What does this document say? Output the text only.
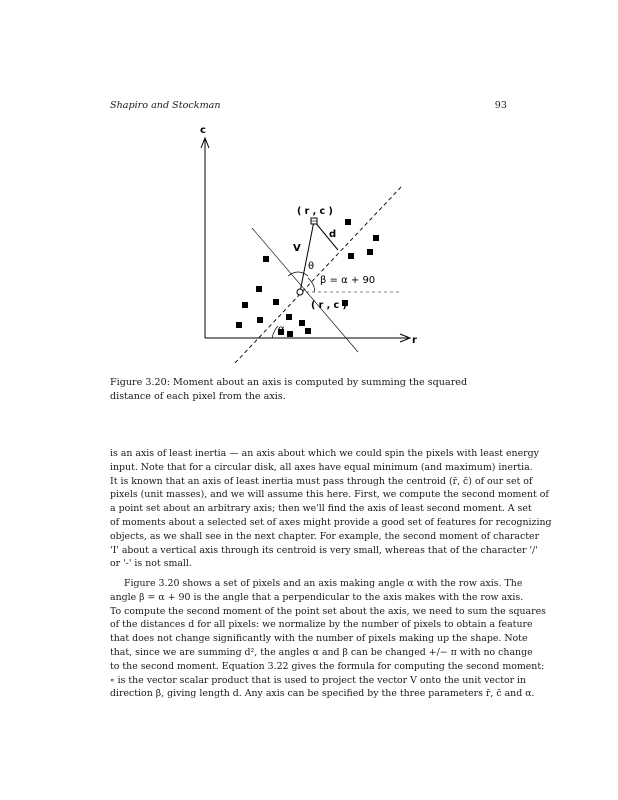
Shapiro and Stockman	93
c
r
( r , c )
d
V
θ
β = α + 90
( r , c )
α
Figure 3.20: Moment about an axis is computed by summing the squared distance of each pixel from the axis.
is an axis of least inertia — an axis about which we could spin the pixels with least energy
input. Note that for a circular disk, all axes have equal minimum (and maximum) inertia.
It is known that an axis of least inertia must pass through the centroid (r̄, c̄) of our set of
pixels (unit masses), and we will assume this here. First, we compute the second moment of
a point set about an arbitrary axis; then we'll find the axis of least second moment. A set
of moments about a selected set of axes might provide a good set of features for recognizing
objects, as we shall see in the next chapter. For example, the second moment of character
'I' about a vertical axis through its centroid is very small, whereas that of the character '/'
or '-' is not small.
Figure 3.20 shows a set of pixels and an axis making angle α with the row axis. The
angle β = α + 90 is the angle that a perpendicular to the axis makes with the row axis.
To compute the second moment of the point set about the axis, we need to sum the squares
of the distances d for all pixels: we normalize by the number of pixels to obtain a feature
that does not change significantly with the number of pixels making up the shape. Note
that, since we are summing d², the angles α and β can be changed +/− π with no change
to the second moment. Equation 3.22 gives the formula for computing the second moment:
∘ is the vector scalar product that is used to project the vector V onto the unit vector in
direction β, giving length d. Any axis can be specified by the three parameters r̄, c̄ and α.
